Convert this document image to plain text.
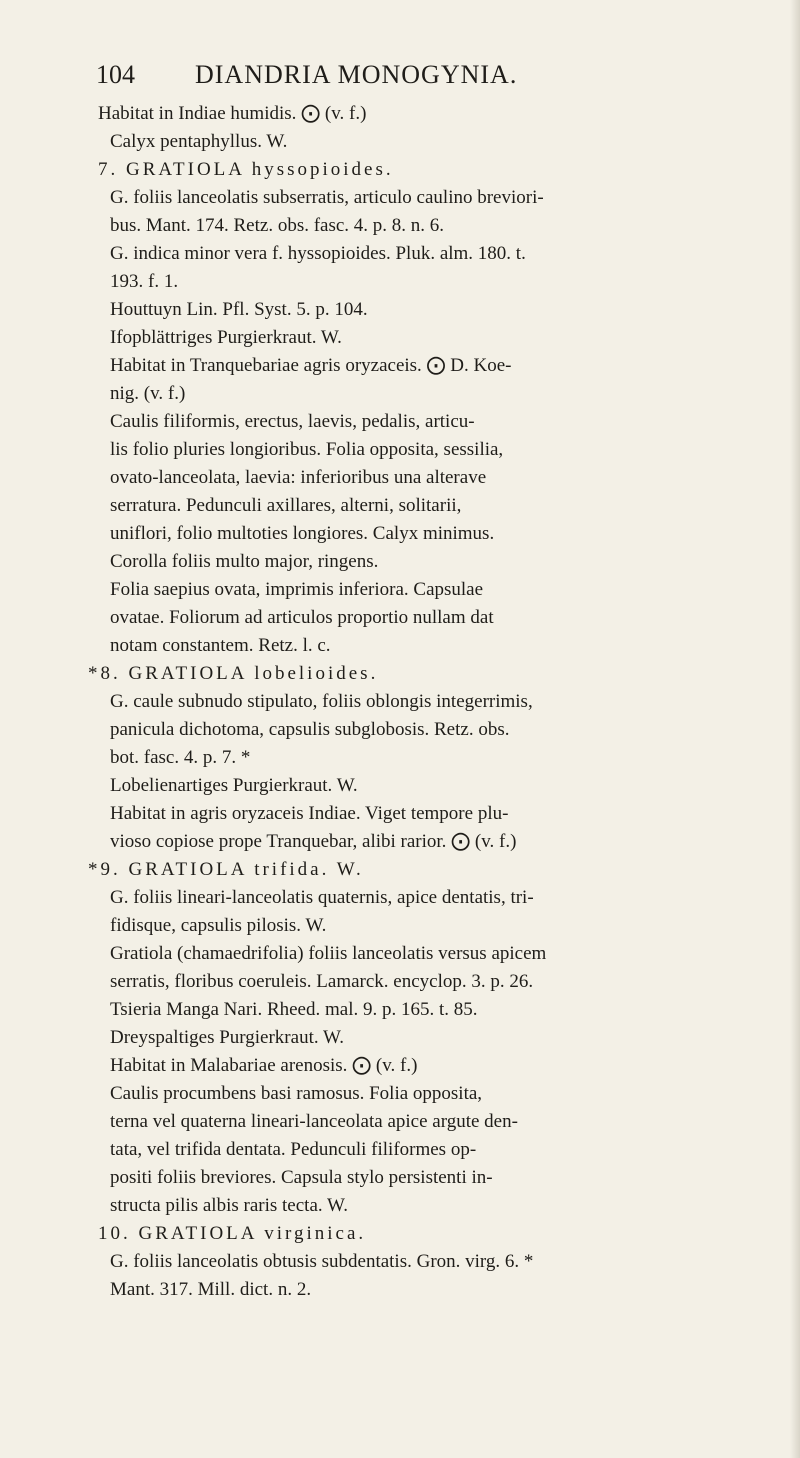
104 DIANDRIA MONOGYNIA.
Habitat in Indiae humidis. ⨀ (v. f.)
Calyx pentaphyllus. W.
7. GRATIOLA hyssopioides.
G. foliis lanceolatis subserratis, articulo caulino breviori-
bus. Mant. 174. Retz. obs. fasc. 4. p. 8. n. 6.
G. indica minor vera f. hyssopioides. Pluk. alm. 180. t.
193. f. 1.
Houttuyn Lin. Pfl. Syst. 5. p. 104.
Ifopblättriges Purgierkraut. W.
Habitat in Tranquebariae agris oryzaceis. ⨀ D. Koe-
nig. (v. f.)
Caulis filiformis, erectus, laevis, pedalis, articu-
lis folio pluries longioribus. Folia opposita, sessilia,
ovato-lanceolata, laevia: inferioribus una alterave
serratura. Pedunculi axillares, alterni, solitarii,
uniflori, folio multoties longiores. Calyx minimus.
Corolla foliis multo major, ringens.
Folia saepius ovata, imprimis inferiora. Capsulae
ovatae. Foliorum ad articulos proportio nullam dat
notam constantem. Retz. l. c.
*8. GRATIOLA lobelioides.
G. caule subnudo stipulato, foliis oblongis integerrimis,
panicula dichotoma, capsulis subglobosis. Retz. obs.
bot. fasc. 4. p. 7. *
Lobelienartiges Purgierkraut. W.
Habitat in agris oryzaceis Indiae. Viget tempore plu-
vioso copiose prope Tranquebar, alibi rarior. ⨀ (v. f.)
*9. GRATIOLA trifida. W.
G. foliis lineari-lanceolatis quaternis, apice dentatis, tri-
fidisque, capsulis pilosis. W.
Gratiola (chamaedrifolia) foliis lanceolatis versus apicem
serratis, floribus coeruleis. Lamarck. encyclop. 3. p. 26.
Tsieria Manga Nari. Rheed. mal. 9. p. 165. t. 85.
Dreyspaltiges Purgierkraut. W.
Habitat in Malabariae arenosis. ⨀ (v. f.)
Caulis procumbens basi ramosus. Folia opposita,
terna vel quaterna lineari-lanceolata apice argute den-
tata, vel trifida dentata. Pedunculi filiformes op-
positi foliis breviores. Capsula stylo persistenti in-
structa pilis albis raris tecta. W.
10. GRATIOLA virginica.
G. foliis lanceolatis obtusis subdentatis. Gron. virg. 6. *
Mant. 317. Mill. dict. n. 2.
